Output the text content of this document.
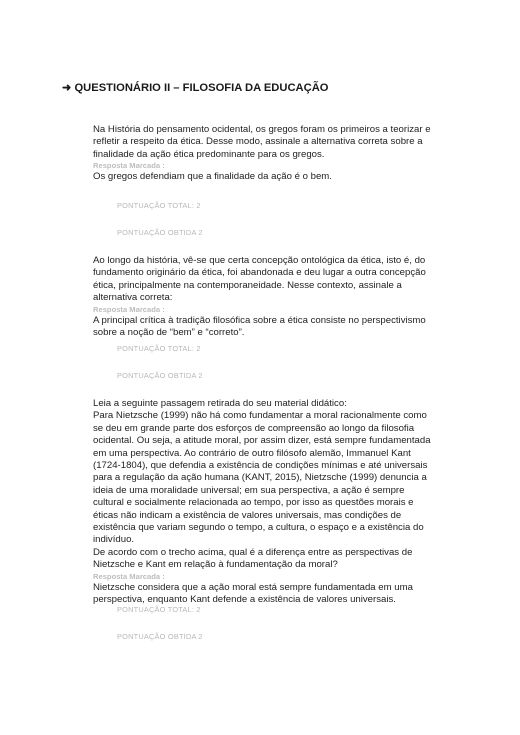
➜ QUESTIONÁRIO II – FILOSOFIA DA EDUCAÇÃO

Na História do pensamento ocidental, os gregos foram os primeiros a teorizar e refletir a respeito da ética. Desse modo, assinale a alternativa correta sobre a finalidade da ação ética predominante para os gregos.

Resposta Marcada :

Os gregos defendiam que a finalidade da ação é o bem.

PONTUAÇÃO TOTAL: 2
PONTUAÇÃO OBTIDA 2

Ao longo da história, vê-se que certa concepção ontológica da ética, isto é, do fundamento originário da ética, foi abandonada e deu lugar a outra concepção ética, principalmente na contemporaneidade. Nesse contexto, assinale a alternativa correta:

Resposta Marcada :

A principal crítica à tradição filosófica sobre a ética consiste no perspectivismo sobre a noção de “bem” e “correto”.

PONTUAÇÃO TOTAL: 2
PONTUAÇÃO OBTIDA 2

Leia a seguinte passagem retirada do seu material didático:

Para Nietzsche (1999) não há como fundamentar a moral racionalmente como se deu em grande parte dos esforços de compreensão ao longo da filosofia ocidental. Ou seja, a atitude moral, por assim dizer, está sempre fundamentada em uma perspectiva. Ao contrário de outro filósofo alemão, Immanuel Kant (1724-1804), que defendia a existência de condições mínimas e até universais para a regulação da ação humana (KANT, 2015), Nietzsche (1999) denuncia a ideia de uma moralidade universal; em sua perspectiva, a ação é sempre cultural e socialmente relacionada ao tempo, por isso as questões morais e éticas não indicam a existência de valores universais, mas condições de existência que variam segundo o tempo, a cultura, o espaço e a existência do indivíduo.

De acordo com o trecho acima, qual é a diferença entre as perspectivas de Nietzsche e Kant em relação à fundamentação da moral?

Resposta Marcada :

Nietzsche considera que a ação moral está sempre fundamentada em uma perspectiva, enquanto Kant defende a existência de valores universais.

PONTUAÇÃO TOTAL: 2
PONTUAÇÃO OBTIDA 2
